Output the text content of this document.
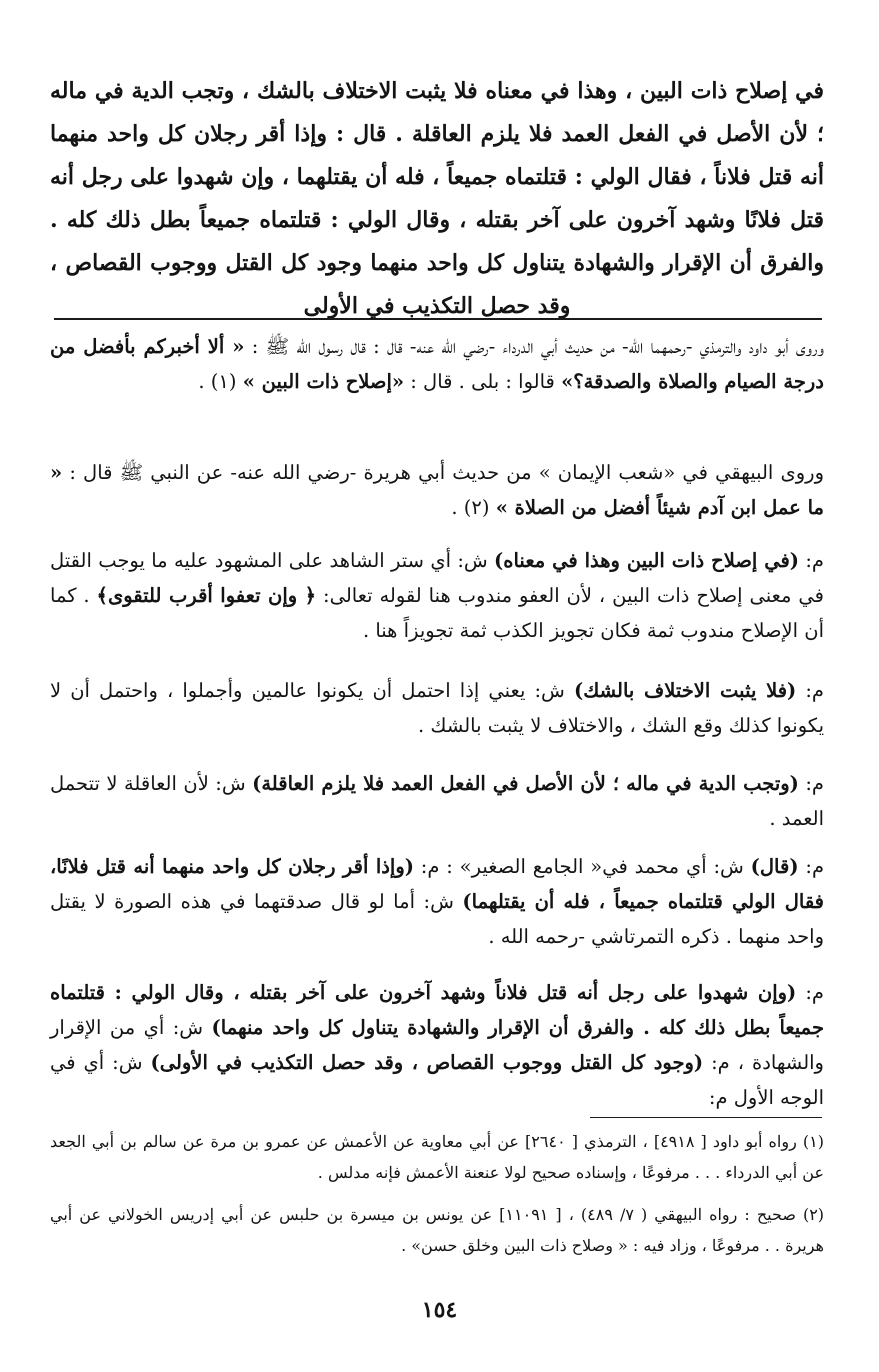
في إصلاح ذات البين ، وهذا في معناه فلا يثبت الاختلاف بالشك ، وتجب الدية في ماله ؛ لأن الأصل في الفعل العمد فلا يلزم العاقلة . قال : وإذا أقر رجلان كل واحد منهما أنه قتل فلاناً ، فقال الولي : قتلتماه جميعاً ، فله أن يقتلهما ، وإن شهدوا على رجل أنه قتل فلانًا وشهد آخرون على آخر بقتله ، وقال الولي : قتلتماه جميعاً بطل ذلك كله . والفرق أن الإقرار والشهادة يتناول كل واحد منهما وجود كل القتل ووجوب القصاص ، وقد حصل التكذيب في الأولى

وروى أبو داود والترمذي -رحمهما الله- من حديث أبي الدرداء -رضي الله عنه- قال : قال رسول الله ﷺ : « ألا أخبركم بأفضل من درجة الصيام والصلاة والصدقة؟» قالوا : بلى . قال : «إصلاح ذات البين » (١) .

وروى البيهقي في «شعب الإيمان » من حديث أبي هريرة -رضي الله عنه- عن النبي ﷺ قال : « ما عمل ابن آدم شيئاً أفضل من الصلاة » (٢) .

م: (في إصلاح ذات البين وهذا في معناه) ش: أي ستر الشاهد على المشهود عليه ما يوجب القتل في معنى إصلاح ذات البين ، لأن العفو مندوب هنا لقوله تعالى: ﴿ وإن تعفوا أقرب للتقوى﴾ . كما أن الإصلاح مندوب ثمة فكان تجويز الكذب ثمة تجويزاً هنا .

م: (فلا يثبت الاختلاف بالشك) ش: يعني إذا احتمل أن يكونوا عالمين وأجملوا ، واحتمل أن لا يكونوا كذلك وقع الشك ، والاختلاف لا يثبت بالشك .

م: (وتجب الدية في ماله ؛ لأن الأصل في الفعل العمد فلا يلزم العاقلة) ش: لأن العاقلة لا تتحمل العمد .

م: (قال) ش: أي محمد في« الجامع الصغير» : م: (وإذا أقر رجلان كل واحد منهما أنه قتل فلانًا، فقال الولي قتلتماه جميعاً ، فله أن يقتلهما) ش: أما لو قال صدقتهما في هذه الصورة لا يقتل واحد منهما . ذكره التمرتاشي -رحمه الله .

م: (وإن شهدوا على رجل أنه قتل فلاناً وشهد آخرون على آخر بقتله ، وقال الولي : قتلتماه جميعاً بطل ذلك كله . والفرق أن الإقرار والشهادة يتناول كل واحد منهما) ش: أي من الإقرار والشهادة ، م: (وجود كل القتل ووجوب القصاص ، وقد حصل التكذيب في الأولى) ش: أي في الوجه الأول م:

(١) رواه أبو داود [ ٤٩١٨] ، الترمذي [ ٢٦٤٠] عن أبي معاوية عن الأعمش عن عمرو بن مرة عن سالم بن أبي الجعد عن أبي الدرداء . . . مرفوعًا ، وإسناده صحيح لولا عنعنة الأعمش فإنه مدلس .

(٢) صحيح : رواه البيهقي ( ٧/ ٤٨٩) ، [ ١١٠٩١] عن يونس بن ميسرة بن حلبس عن أبي إدريس الخولاني عن أبي هريرة . . مرفوعًا ، وزاد فيه : « وصلاح ذات البين وخلق حسن» .

١٥٤
